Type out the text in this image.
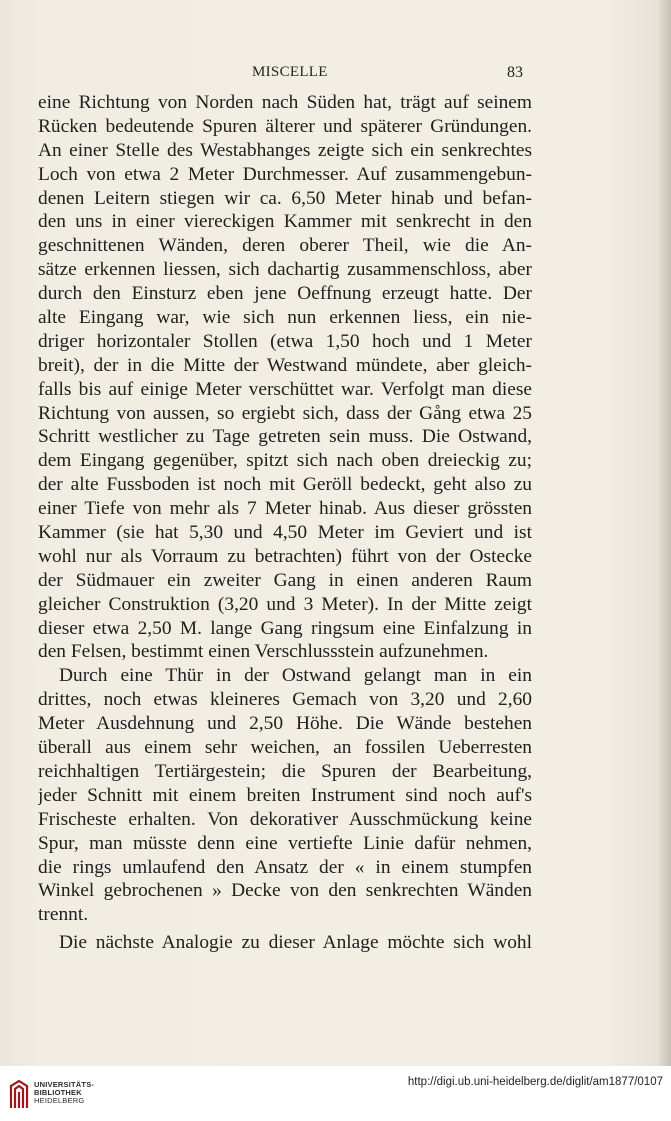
MISCELLE	83
eine Richtung von Norden nach Süden hat, trägt auf seinem
Rücken bedeutende Spuren älterer und späterer Gründungen.
An einer Stelle des Westabhanges zeigte sich ein senkrechtes
Loch von etwa 2 Meter Durchmesser. Auf zusammengebun-
denen Leitern stiegen wir ca. 6,50 Meter hinab und befan-
den uns in einer viereckigen Kammer mit senkrecht in den
geschnittenen Wänden, deren oberer Theil, wie die An-
sätze erkennen liessen, sich dachartig zusammenschloss, aber
durch den Einsturz eben jene Oeffnung erzeugt hatte. Der
alte Eingang war, wie sich nun erkennen liess, ein nie-
driger horizontaler Stollen (etwa 1,50 hoch und 1 Meter
breit), der in die Mitte der Westwand mündete, aber gleich-
falls bis auf einige Meter verschüttet war. Verfolgt man diese
Richtung von aussen, so ergiebt sich, dass der Gång etwa 25
Schritt westlicher zu Tage getreten sein muss. Die Ostwand,
dem Eingang gegenüber, spitzt sich nach oben dreieckig zu;
der alte Fussboden ist noch mit Geröll bedeckt, geht also zu
einer Tiefe von mehr als 7 Meter hinab. Aus dieser grössten
Kammer (sie hat 5,30 und 4,50 Meter im Geviert und ist
wohl nur als Vorraum zu betrachten) führt von der Ostecke
der Südmauer ein zweiter Gang in einen anderen Raum
gleicher Construktion (3,20 und 3 Meter). In der Mitte zeigt
dieser etwa 2,50 M. lange Gang ringsum eine Einfalzung in
den Felsen, bestimmt einen Verschlussstein aufzunehmen.
Durch eine Thür in der Ostwand gelangt man in ein
drittes, noch etwas kleineres Gemach von 3,20 und 2,60
Meter Ausdehnung und 2,50 Höhe. Die Wände bestehen
überall aus einem sehr weichen, an fossilen Ueberresten
reichhaltigen Tertiärgestein; die Spuren der Bearbeitung,
jeder Schnitt mit einem breiten Instrument sind noch auf's
Frischeste erhalten. Von dekorativer Ausschmückung keine
Spur, man müsste denn eine vertiefte Linie dafür nehmen,
die rings umlaufend den Ansatz der « in einem stumpfen
Winkel gebrochenen » Decke von den senkrechten Wänden
trennt.
Die nächste Analogie zu dieser Anlage möchte sich wohl
UNIVERSITÄTS-
BIBLIOTHEK
HEIDELBERG
http://digi.ub.uni-heidelberg.de/diglit/am1877/0107
